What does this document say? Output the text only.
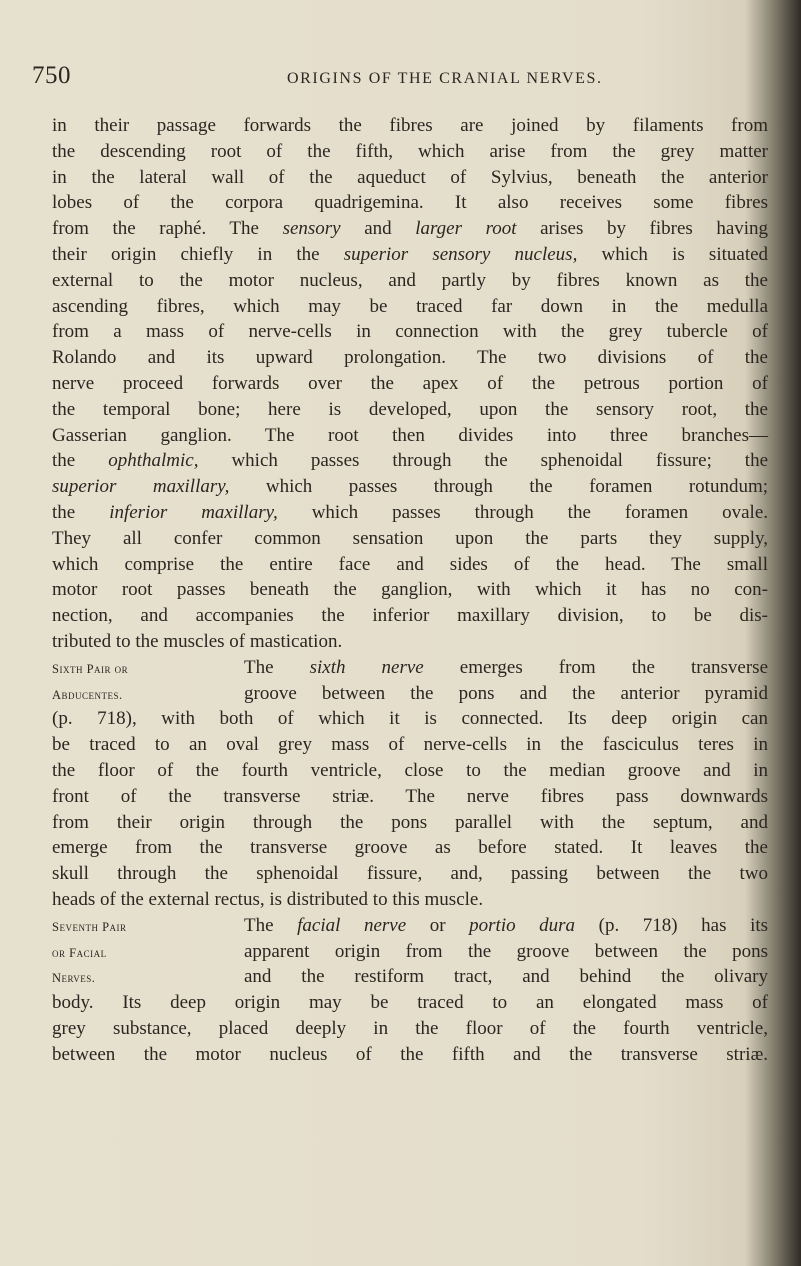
750	ORIGINS OF THE CRANIAL NERVES.

in their passage forwards the fibres are joined by filaments from
the descending root of the fifth, which arise from the grey matter
in the lateral wall of the aqueduct of Sylvius, beneath the anterior
lobes of the corpora quadrigemina. It also receives some fibres
from the raphé. The sensory and larger root arises by fibres having
their origin chiefly in the superior sensory nucleus, which is situated
external to the motor nucleus, and partly by fibres known as the
ascending fibres, which may be traced far down in the medulla
from a mass of nerve-cells in connection with the grey tubercle of
Rolando and its upward prolongation. The two divisions of the
nerve proceed forwards over the apex of the petrous portion of
the temporal bone; here is developed, upon the sensory root, the
Gasserian ganglion. The root then divides into three branches—
the ophthalmic, which passes through the sphenoidal fissure; the
superior maxillary, which passes through the foramen rotundum;
the inferior maxillary, which passes through the foramen ovale.
They all confer common sensation upon the parts they supply,
which comprise the entire face and sides of the head. The small
motor root passes beneath the ganglion, with which it has no con-
nection, and accompanies the inferior maxillary division, to be dis-
tributed to the muscles of mastication.

Sixth Pair or
Abducentes.
The sixth nerve emerges from the transverse
groove between the pons and the anterior pyramid
(p. 718), with both of which it is connected. Its deep origin can
be traced to an oval grey mass of nerve-cells in the fasciculus teres in
the floor of the fourth ventricle, close to the median groove and in
front of the transverse striæ. The nerve fibres pass downwards
from their origin through the pons parallel with the septum, and
emerge from the transverse groove as before stated. It leaves the
skull through the sphenoidal fissure, and, passing between the two
heads of the external rectus, is distributed to this muscle.
Seventh Pair
or Facial
Nerves.
The facial nerve or portio dura (p. 718) has its
apparent origin from the groove between the pons
and the restiform tract, and behind the olivary
body. Its deep origin may be traced to an elongated mass of
grey substance, placed deeply in the floor of the fourth ventricle,
between the motor nucleus of the fifth and the transverse striæ.
